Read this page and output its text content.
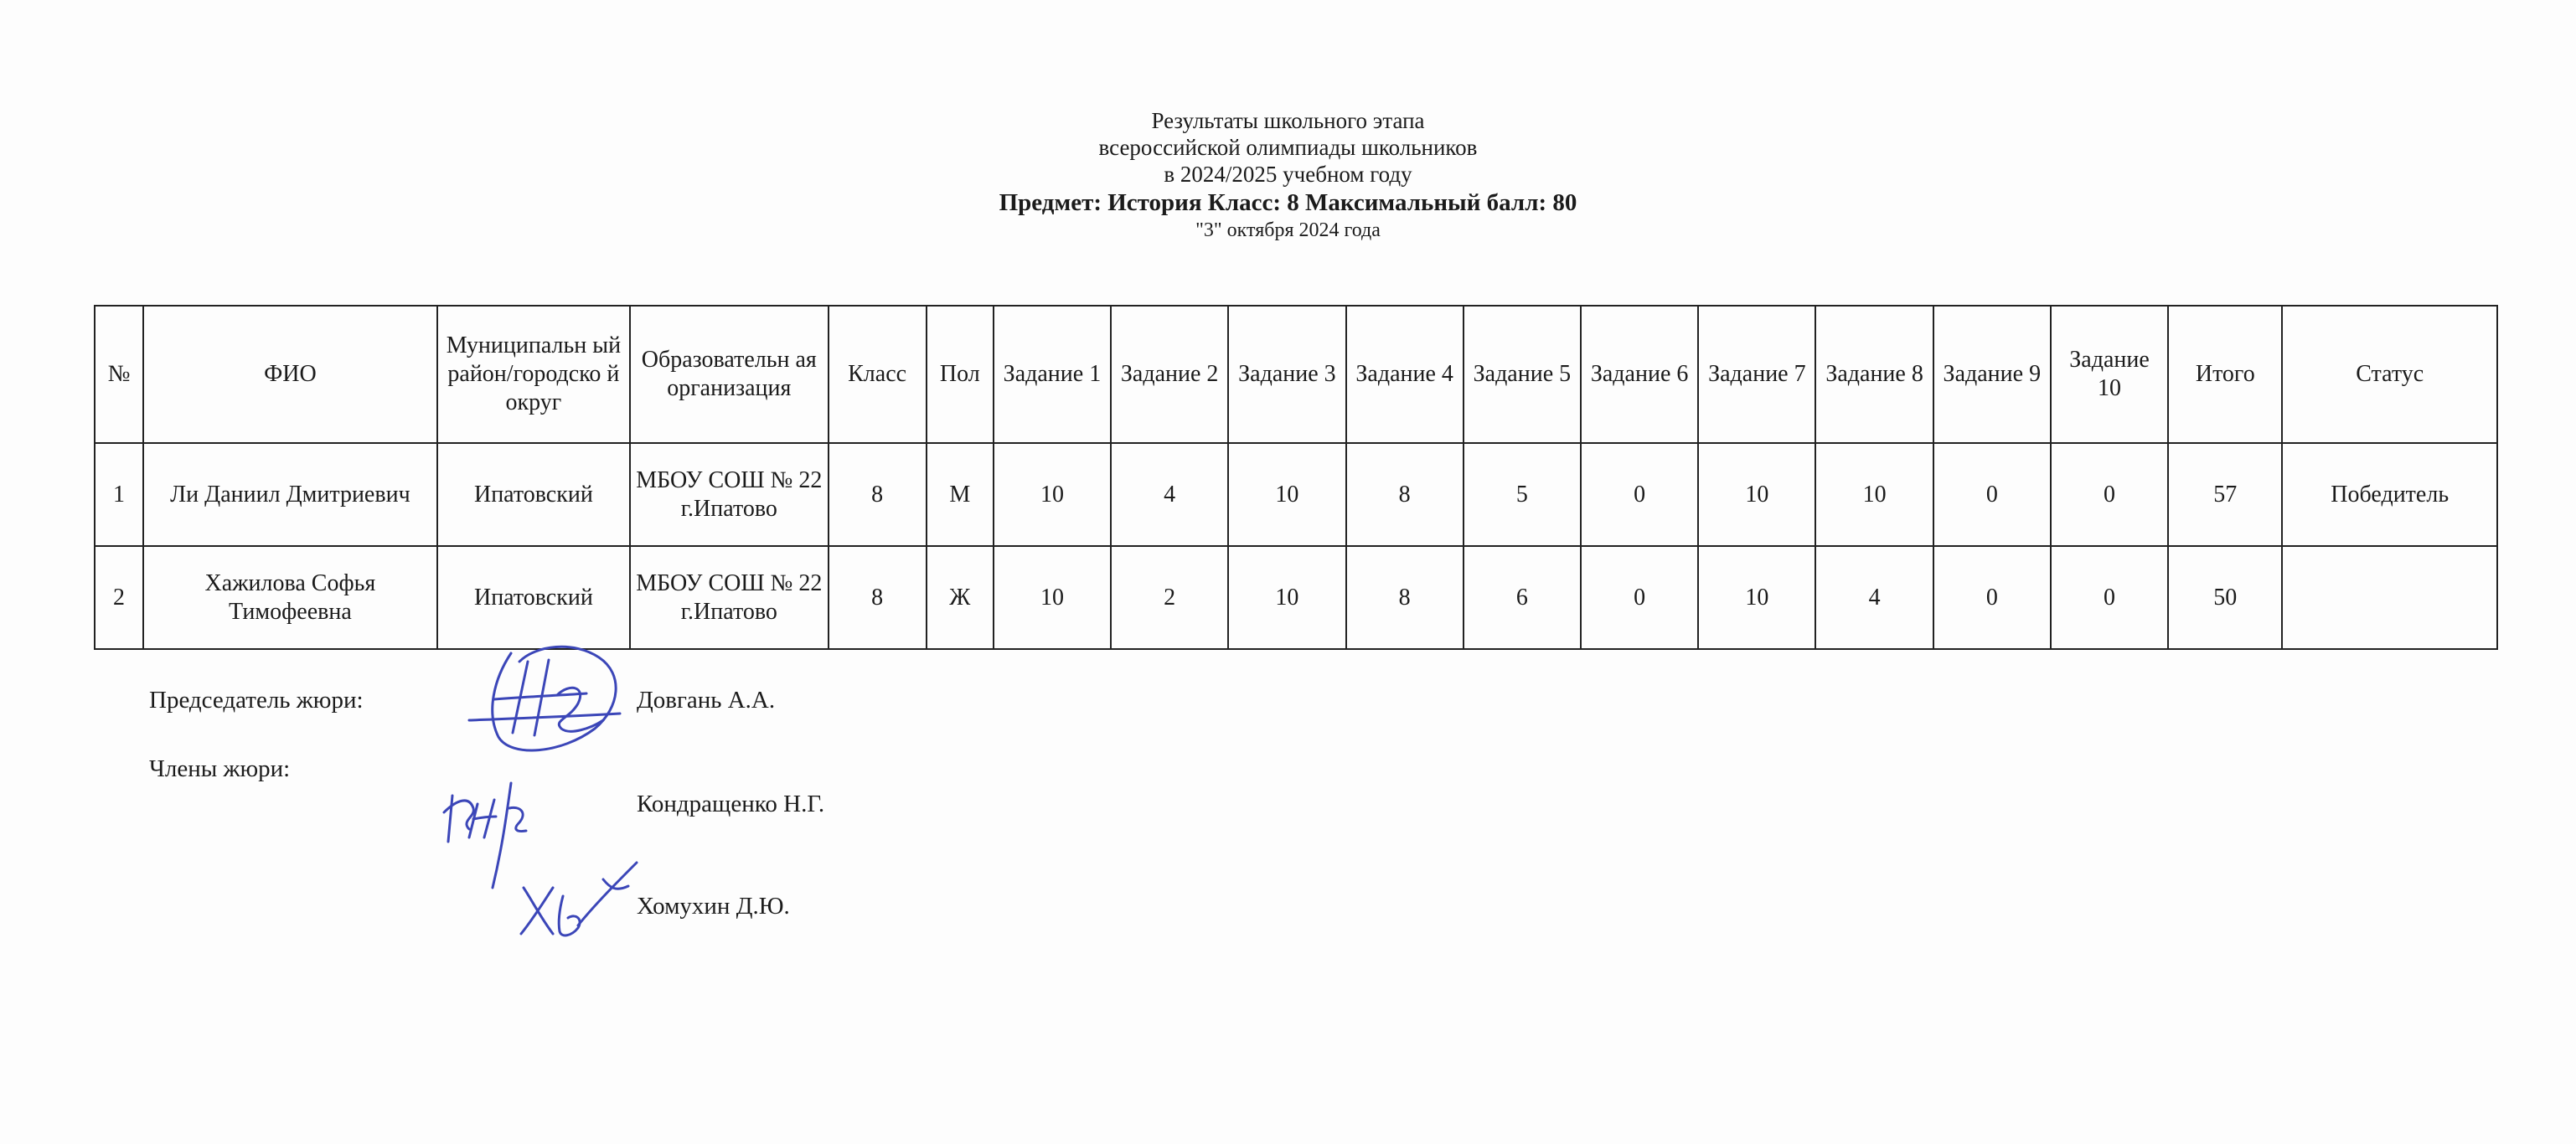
Результаты школьного этапа
всероссийской олимпиады школьников
в 2024/2025 учебном году
Предмет: История Класс: 8 Максимальный балл: 80
"3" октября 2024 года
№	ФИО	Муниципальн ый район/городско й округ	Образовательн ая организация	Класс	Пол	Задание 1	Задание 2	Задание 3	Задание 4	Задание 5	Задание 6	Задание 7	Задание 8	Задание 9	Задание 10	Итого	Статус
1	Ли Даниил Дмитриевич	Ипатовский	МБОУ СОШ № 22 г.Ипатово	8	М	10	4	10	8	5	0	10	10	0	0	57	Победитель
2	Хажилова Софья Тимофеевна	Ипатовский	МБОУ СОШ № 22 г.Ипатово	8	Ж	10	2	10	8	6	0	10	4	0	0	50	
Председатель жюри:
Члены жюри:
Довгань А.А.
Кондращенко Н.Г.
Хомухин Д.Ю.
